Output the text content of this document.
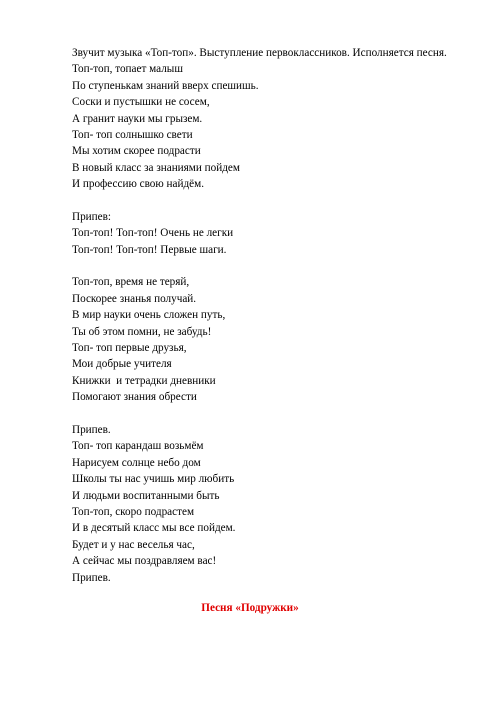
Звучит музыка «Топ-топ». Выступление первоклассников. Исполняется песня.
Топ-топ, топает малыш
По ступенькам знаний вверх спешишь.
Соски и пустышки не сосем,
А гранит науки мы грызем.
Топ- топ солнышко свети
Мы хотим скорее подрасти
В новый класс за знаниями пойдем
И профессию свою найдём.
Припев:
Топ-топ! Топ-топ! Очень не легки
Топ-топ! Топ-топ! Первые шаги.
Топ-топ, время не теряй,
Поскорее знанья получай.
В мир науки очень сложен путь,
Ты об этом помни, не забудь!
Топ- топ первые друзья,
Мои добрые учителя
Книжки  и тетрадки дневники
Помогают знания обрести
Припев.
Топ- топ карандаш возьмём
Нарисуем солнце небо дом
Школы ты нас учишь мир любить
И людьми воспитанными быть
Топ-топ, скоро подрастем
И в десятый класс мы все пойдем.
Будет и у нас веселья час,
А сейчас мы поздравляем вас!
Припев.
Песня «Подружки»
